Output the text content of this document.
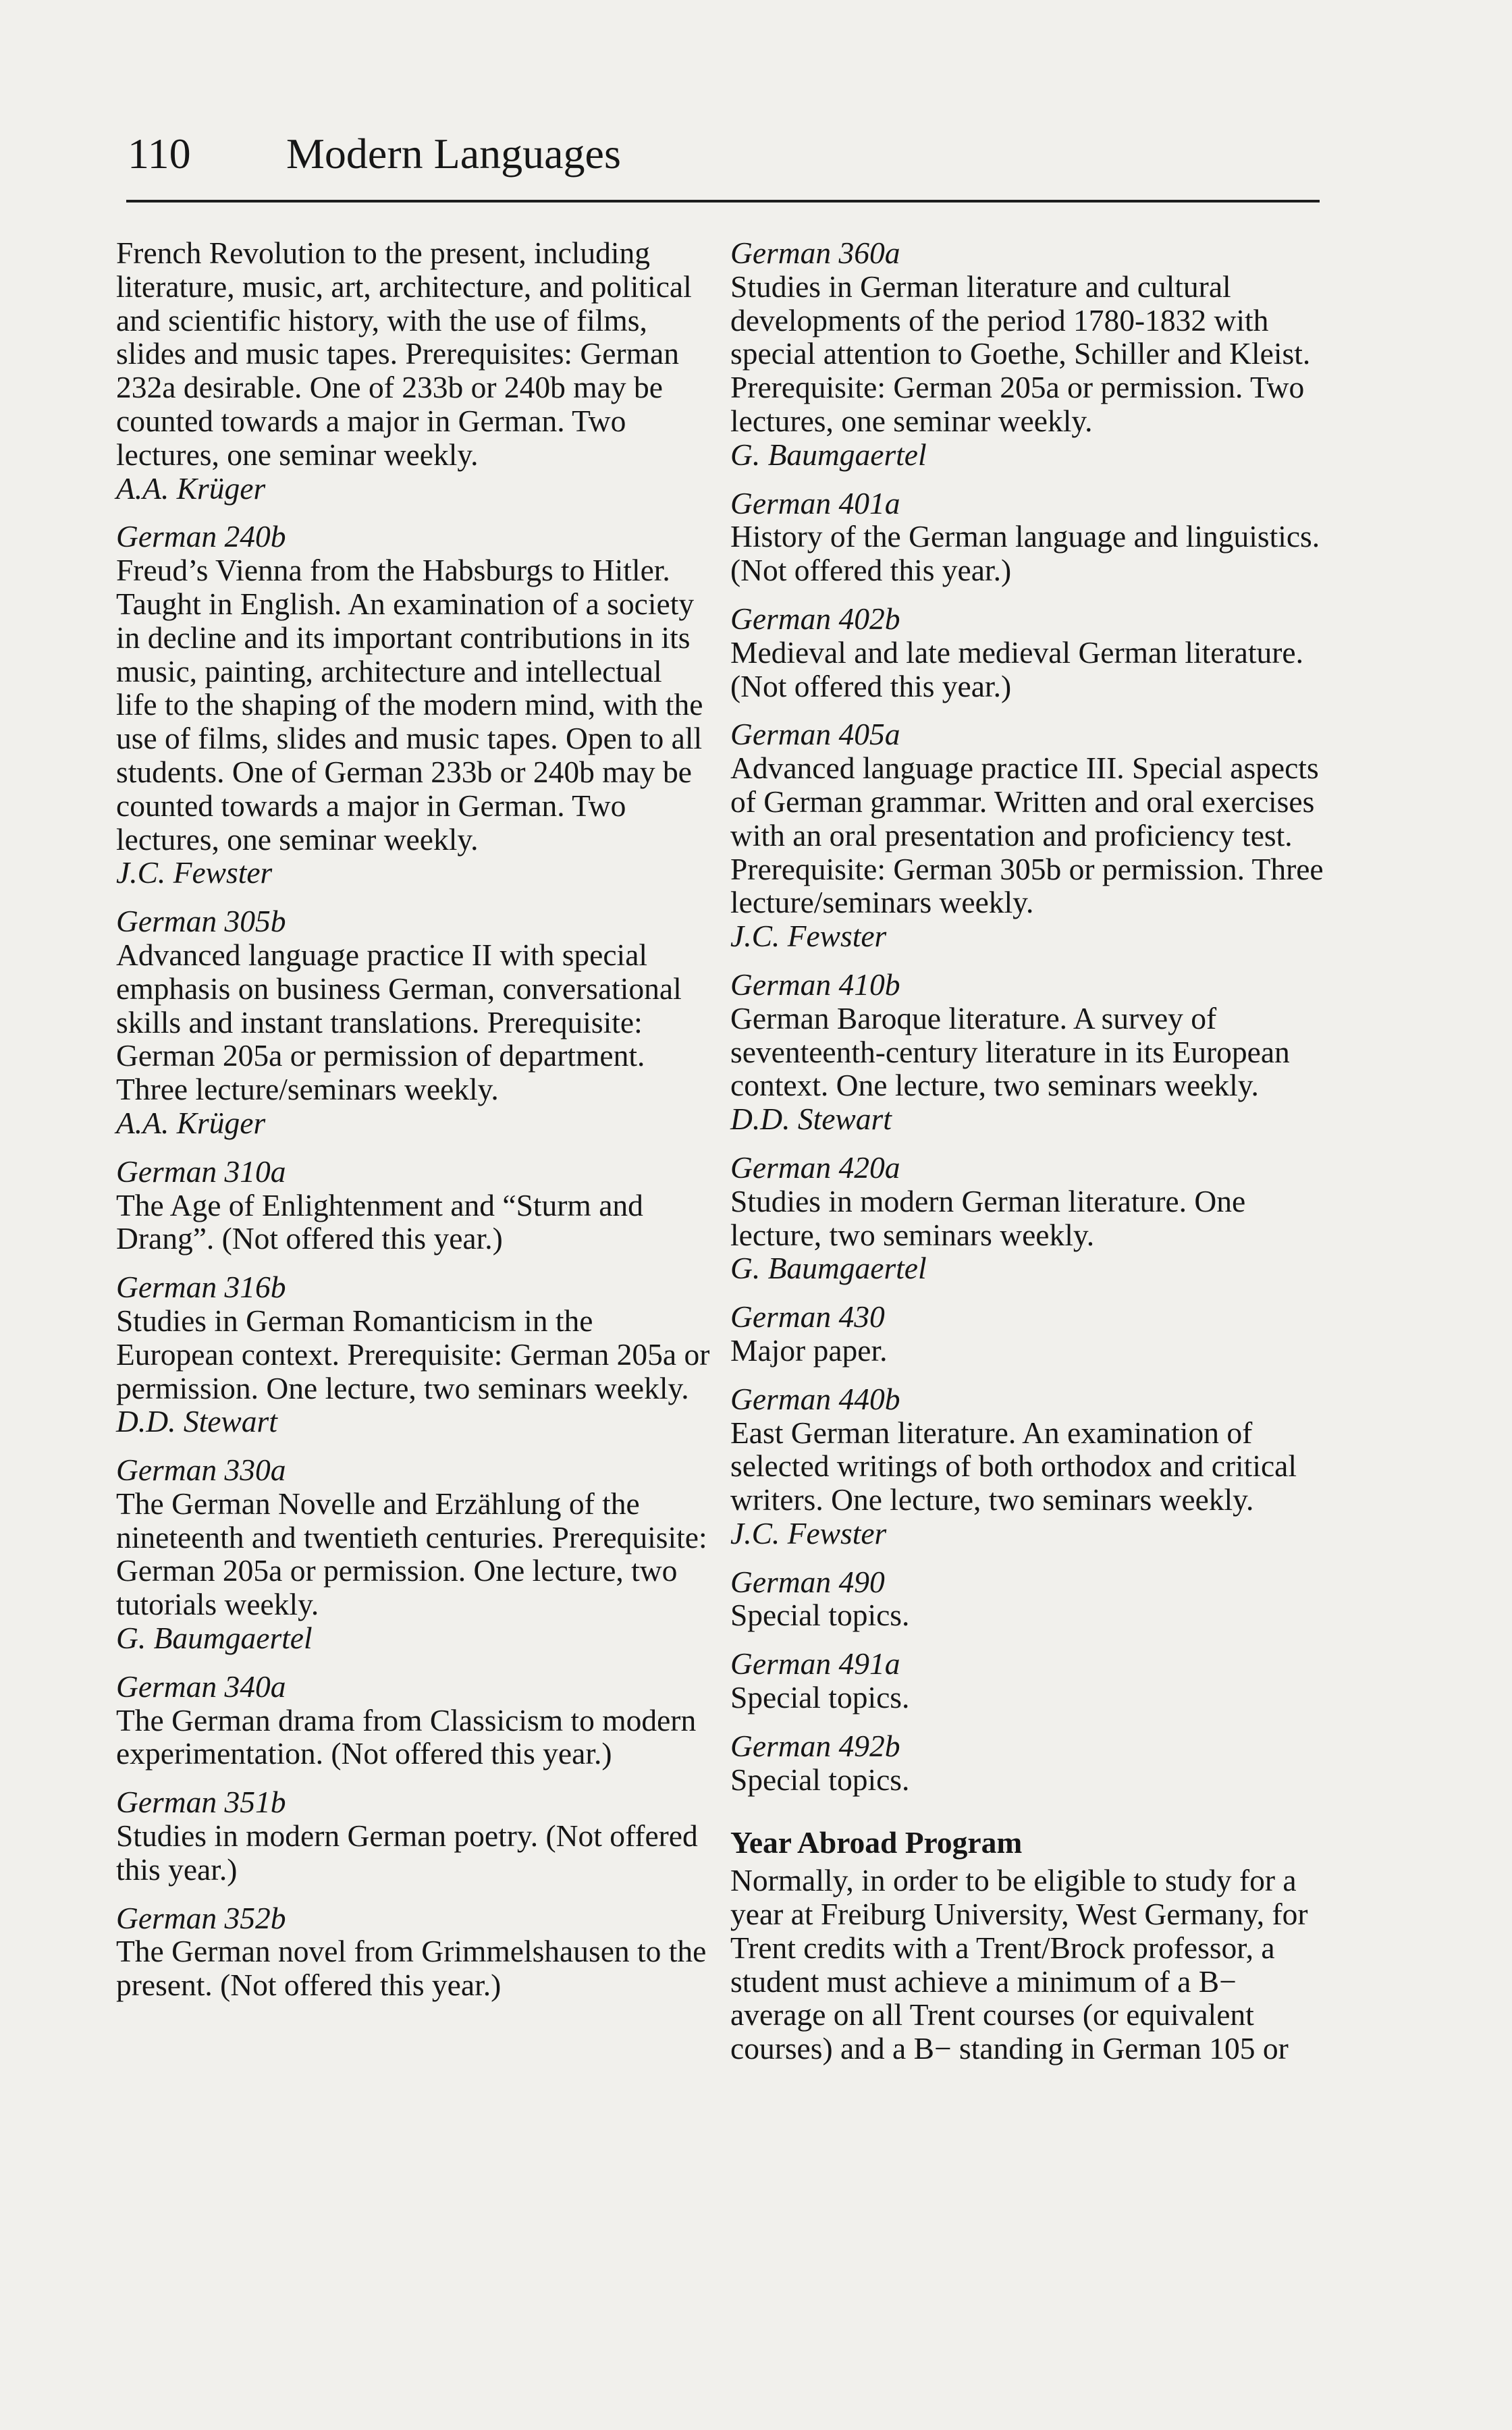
110 Modern Languages

French Revolution to the present, including literature, music, art, architecture, and political and scientific history, with the use of films, slides and music tapes. Prerequisites: German 232a desirable. One of 233b or 240b may be counted towards a major in German. Two lectures, one seminar weekly.

A.A. Krüger
German 240b

Freud’s Vienna from the Habsburgs to Hitler. Taught in English. An examination of a society in decline and its important contributions in its music, painting, architecture and intellectual life to the shaping of the modern mind, with the use of films, slides and music tapes. Open to all students. One of German 233b or 240b may be counted towards a major in German. Two lectures, one seminar weekly.

J.C. Fewster
German 305b

Advanced language practice II with special emphasis on business German, conversational skills and instant translations. Prerequisite: German 205a or permission of department. Three lecture/seminars weekly.

A.A. Krüger
German 310a

The Age of Enlightenment and “Sturm and Drang”. (Not offered this year.)

German 316b

Studies in German Romanticism in the European context. Prerequisite: German 205a or permission. One lecture, two seminars weekly.

D.D. Stewart
German 330a

The German Novelle and Erzählung of the nineteenth and twentieth centuries. Prerequisite: German 205a or permission. One lecture, two tutorials weekly.

G. Baumgaertel
German 340a

The German drama from Classicism to modern experimentation. (Not offered this year.)

German 351b

Studies in modern German poetry. (Not offered this year.)

German 352b

The German novel from Grimmelshausen to the present. (Not offered this year.)

German 360a

Studies in German literature and cultural developments of the period 1780-1832 with special attention to Goethe, Schiller and Kleist. Prerequisite: German 205a or permission. Two lectures, one seminar weekly.

G. Baumgaertel
German 401a

History of the German language and linguistics. (Not offered this year.)

German 402b

Medieval and late medieval German literature. (Not offered this year.)

German 405a

Advanced language practice III. Special aspects of German grammar. Written and oral exercises with an oral presentation and proficiency test. Prerequisite: German 305b or permission. Three lecture/seminars weekly.

J.C. Fewster
German 410b

German Baroque literature. A survey of seventeenth-century literature in its European context. One lecture, two seminars weekly.

D.D. Stewart
German 420a

Studies in modern German literature. One lecture, two seminars weekly.

G. Baumgaertel
German 430

Major paper.

German 440b

East German literature. An examination of selected writings of both orthodox and critical writers. One lecture, two seminars weekly.

J.C. Fewster
German 490

Special topics.

German 491a

Special topics.

German 492b

Special topics.

Year Abroad Program

Normally, in order to be eligible to study for a year at Freiburg University, West Germany, for Trent credits with a Trent/Brock professor, a student must achieve a minimum of a B− average on all Trent courses (or equivalent courses) and a B− standing in German 105 or
